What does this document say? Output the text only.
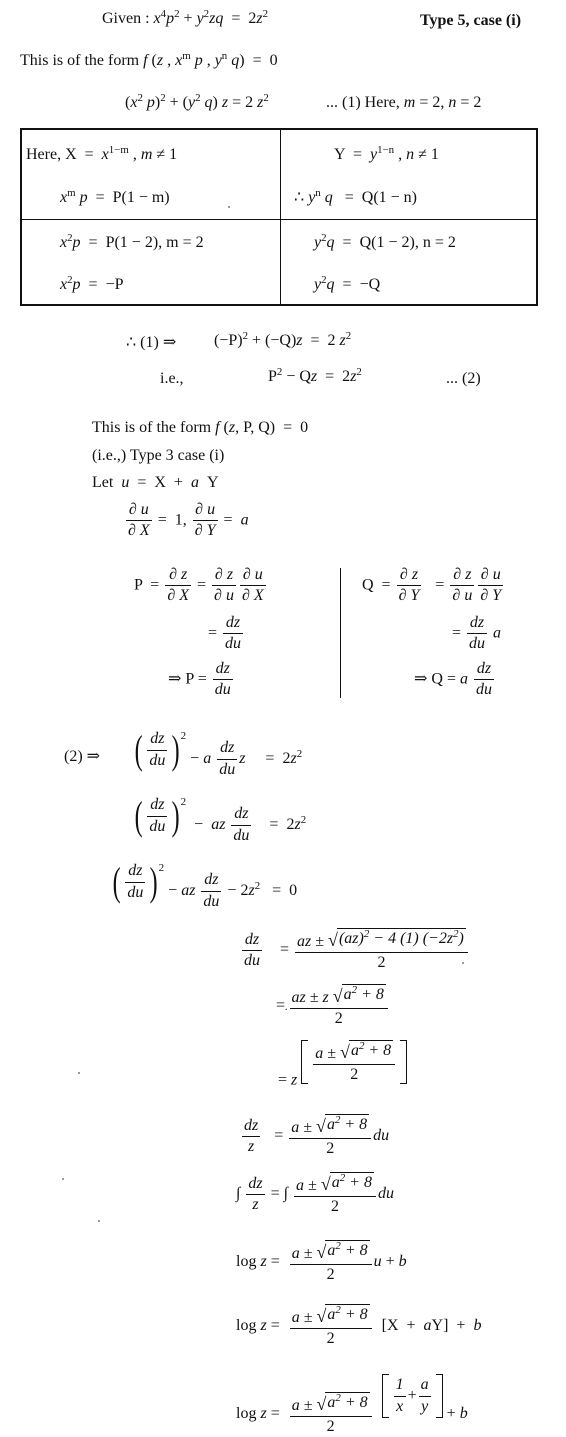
Given : $x^4p^2 + y^2zq = 2z^2$	Type 5, case (i)
This is of the form f (z , $x^m$ p , $y^n$ q)  =  0
($x^2$ $p)^2 + (y^2$ q) z = 2 $z^2$	... (1) Here, m = 2, n = 2
Here, $X = x^{1-m}$ , m ≠ 1	$Y = y^{1-n}$ , n ≠ 1
$x^m$ p  =  P(1 − m)	∴ $y^n$ q   =  Q(1 − n)
$x^2p = P(1 - 2)$, m = 2	$y^2q = Q(1 - 2)$, n = 2
$x^2p = -P$	$y^2q = -Q$
∴ (1) ⇒ $(-P)^2 + (-Q)z = 2$ $z^2$
i.e.,	$P^2 - Qz = 2z^2$	... (2)
This is of the form f (z, P, Q)  =  0
(i.e.,) Type 3 case (i)
Let u  =  X  +  a  Y
$\frac{\partial u}{\partial X} = 1$, $\frac{\partial u}{\partial Y} = a$
$P = \frac{\partial z}{\partial X} = \frac{\partial z}{\partial u} \frac{\partial u}{\partial X}$
= $\frac{dz}{du}$
⇒ $P = \frac{dz}{du}$
$Q = \frac{\partial z}{\partial Y} = \frac{\partial z}{\partial u} \frac{\partial u}{\partial Y}$
= $\frac{dz}{du}$ a
⇒ Q = a $\frac{dz}{du}$
(2) ⇒ ( $\frac{dz}{du}$ ) 2
− a $\frac{dz}{du}$ z     =  $2z^2$
( $\frac{dz}{du}$ ) 2
−  az $\frac{dz}{du} = 2z^2$
( $\frac{dz}{du}$ ) 2
− az $\frac{dz}{du} - 2z^2 = 0$
$\frac{dz}{du} = \frac{az \pm √ (az)^2 - 4 (1) (-2z^2)}{2}$
=. $\frac{az \pm z √ a^2 + 8}{2}$
= z $\frac{a \pm √ a^2 + 8}{2}$
$\frac{dz}{z} = \frac{a \pm √ a^2 + 8}{2}$ du
∫ $\frac{dz}{z}$ = ∫ $\frac{a \pm √ a^2 + 8}{2}$ du
$\log z = \frac{a \pm √ a^2 + 8}{2}$ u + b
$\log z = \frac{a \pm √ a^2 + 8}{2} [X + aY] + b$
$\log z = \frac{a \pm √ a^2 + 8}{2}$
$\frac{1}{x} + \frac{a}{y} + b$
